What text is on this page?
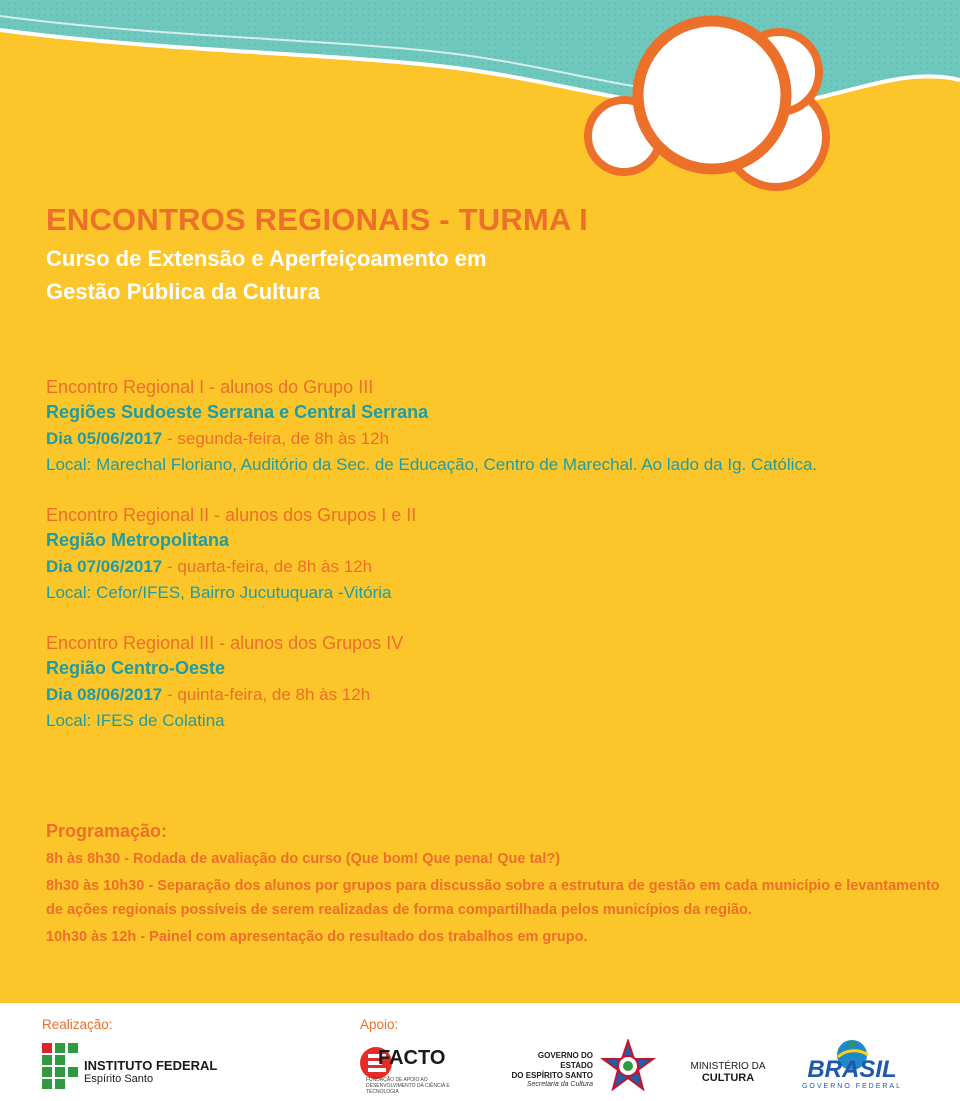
ENCONTROS REGIONAIS - TURMA I
Curso de Extensão e Aperfeiçoamento em
Gestão Pública da Cultura
Encontro Regional I - alunos do Grupo III
Regiões Sudoeste Serrana e Central Serrana
Dia 05/06/2017 - segunda-feira, de 8h às 12h
Local: Marechal Floriano, Auditório da Sec. de Educação, Centro de Marechal. Ao lado da Ig. Católica.
Encontro Regional II - alunos dos Grupos I e II
Região Metropolitana
Dia 07/06/2017 - quarta-feira, de 8h às 12h
Local: Cefor/IFES, Bairro Jucutuquara -Vitória
Encontro Regional III - alunos dos Grupos IV
Região Centro-Oeste
Dia 08/06/2017 - quinta-feira, de 8h às 12h
Local: IFES de Colatina
Programação:
8h às 8h30 - Rodada de avaliação do curso (Que bom! Que pena! Que tal?)
8h30 às 10h30 - Separação dos alunos por grupos para discussão sobre a estrutura de gestão em cada município e levantamento de ações regionais possíveis de serem realizadas de forma compartilhada pelos municípios da região.
10h30 às 12h - Painel com apresentação do resultado dos trabalhos em grupo.
Realização:	Apoio:
INSTITUTO FEDERAL
Espírito Santo
FACTO
FUNDAÇÃO DE APOIO AO DESENVOLVIMENTO DA CIÊNCIA E TECNOLOGIA
GOVERNO DO ESTADO
DO ESPÍRITO SANTO
Secretaria da Cultura
MINISTÉRIO DA
CULTURA	BRASIL
GOVERNO FEDERAL
